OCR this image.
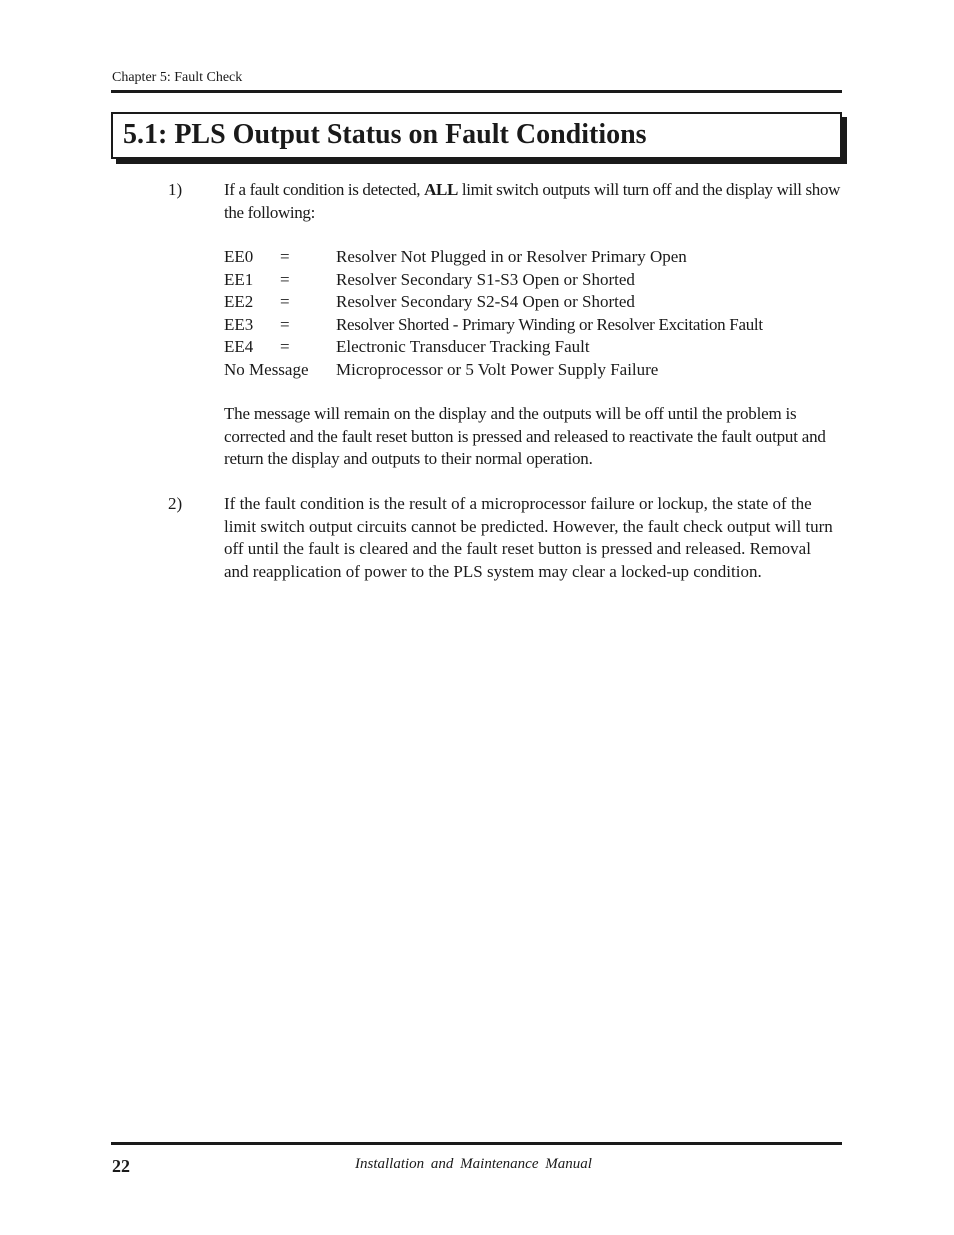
Chapter 5: Fault Check
5.1: PLS Output Status on Fault Conditions
1) If a fault condition is detected, ALL limit switch outputs will turn off and the display will show the following:
EE0 =	Resolver Not Plugged in or Resolver Primary Open
EE1 =	Resolver Secondary S1-S3 Open or Shorted
EE2 =	Resolver Secondary S2-S4 Open or Shorted
EE3 =	Resolver Shorted - Primary Winding or Resolver Excitation Fault
EE4 =	Electronic Transducer Tracking Fault
No Message Microprocessor or 5 Volt Power Supply Failure
The message will remain on the display and the outputs will be off until the problem is corrected and the fault reset button is pressed and released to reactivate the fault output and return the display and outputs to their normal operation.
2) If the fault condition is the result of a microprocessor failure or lockup, the state of the limit switch output circuits cannot be predicted. However, the fault check output will turn off until the fault is cleared and the fault reset button is pressed and released. Removal and reapplication of power to the PLS system may clear a locked-up condition.
22	Installation and Maintenance Manual
